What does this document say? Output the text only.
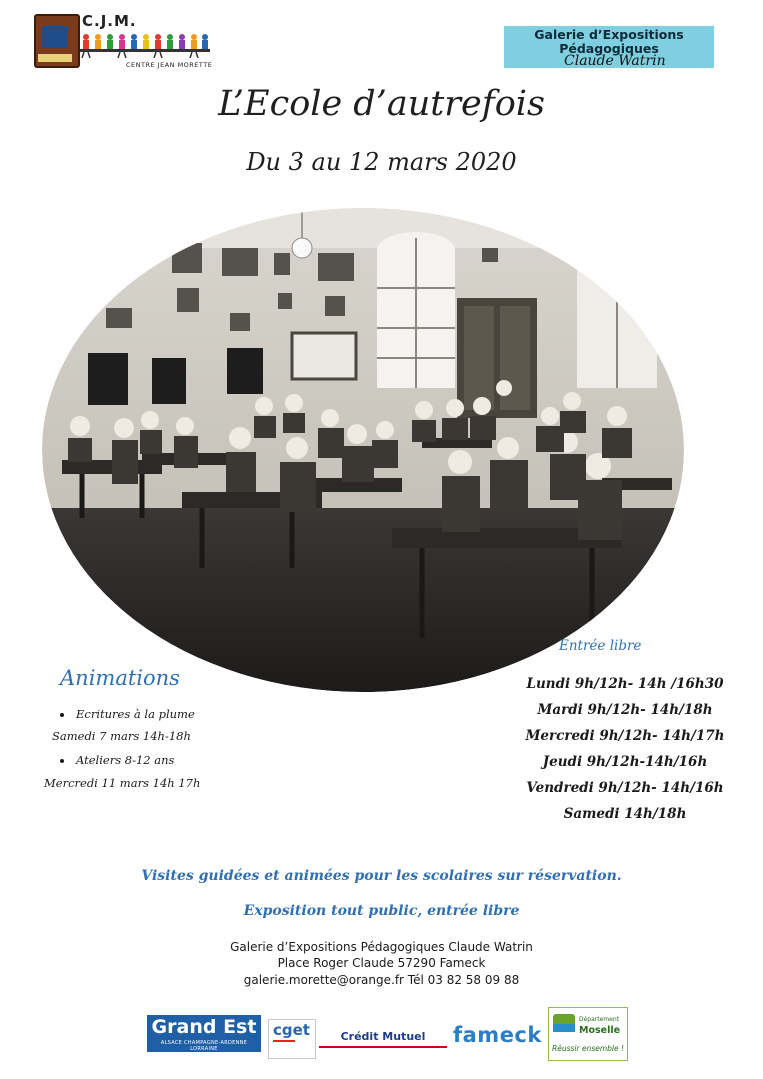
C.J.M.
CENTRE JEAN MORETTE
Galerie d’Expositions
Pédagogiques
Claude Watrin
L’Ecole d’autrefois
Du 3 au 12 mars 2020
Animations
Ecritures à la plume
Samedi 7 mars 14h-18h
Ateliers 8-12 ans
Mercredi 11 mars 14h 17h
Entrée libre
Lundi 9h/12h- 14h /16h30
Mardi 9h/12h- 14h/18h
Mercredi 9h/12h- 14h/17h
Jeudi 9h/12h-14h/16h
Vendredi 9h/12h- 14h/16h
Samedi 14h/18h
Visites guidées et animées pour les scolaires sur réservation.
Exposition tout public, entrée libre
Galerie d’Expositions Pédagogiques Claude Watrin
Place Roger Claude 57290 Fameck
galerie.morette@orange.fr Tél 03 82 58 09 88
Grand Est
ALSACE CHAMPAGNE-ARDENNE LORRAINE
cget	Crédit Mutuel	fameck
Département
Moselle
Réussir ensemble !
